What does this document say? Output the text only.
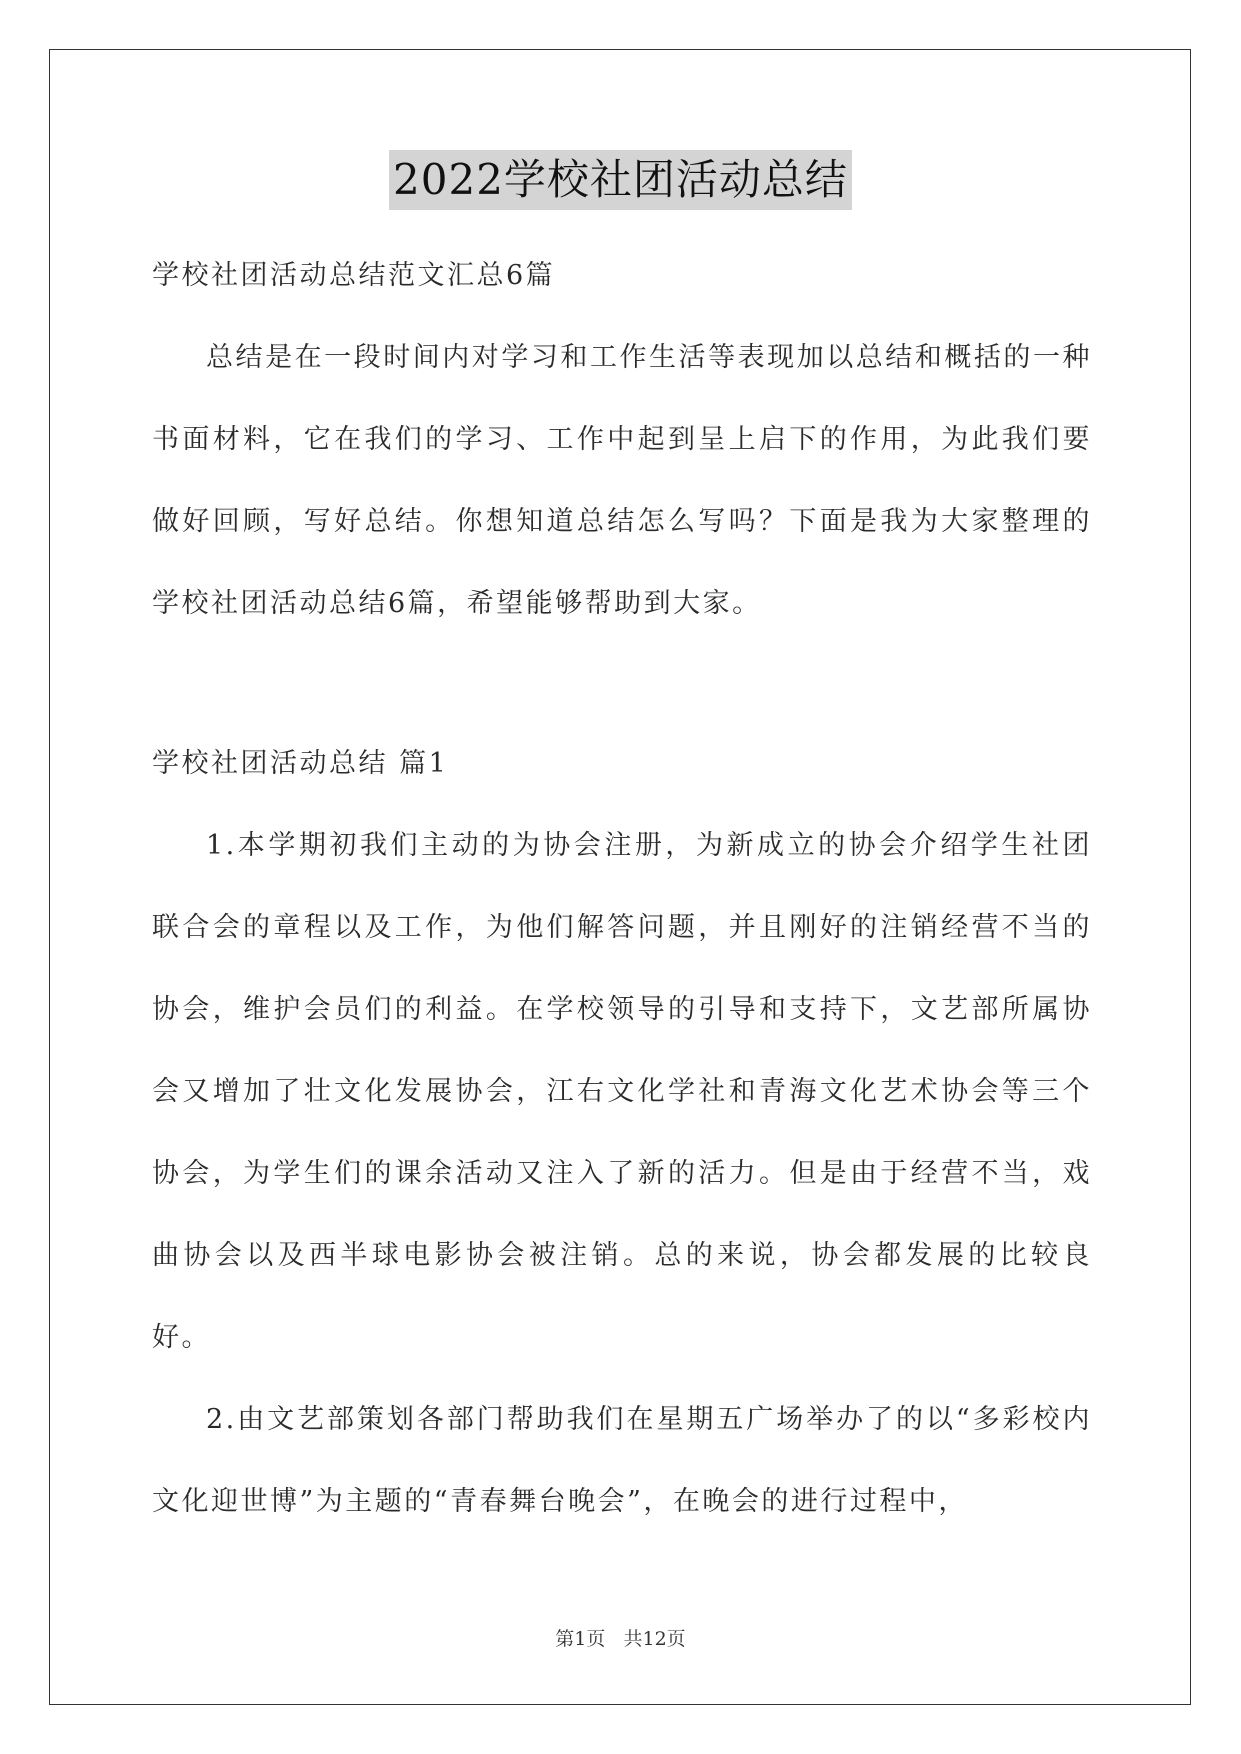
2022学校社团活动总结

学校社团活动总结范文汇总6篇

总结是在一段时间内对学习和工作生活等表现加以总结和概括的一种书面材料，它在我们的学习、工作中起到呈上启下的作用，为此我们要做好回顾，写好总结。你想知道总结怎么写吗？下面是我为大家整理的学校社团活动总结6篇，希望能够帮助到大家。

学校社团活动总结 篇1

1.本学期初我们主动的为协会注册，为新成立的协会介绍学生社团联合会的章程以及工作，为他们解答问题，并且刚好的注销经营不当的协会，维护会员们的利益。在学校领导的引导和支持下，文艺部所属协会又增加了壮文化发展协会，江右文化学社和青海文化艺术协会等三个协会，为学生们的课余活动又注入了新的活力。但是由于经营不当，戏曲协会以及西半球电影协会被注销。总的来说，协会都发展的比较良好。

2.由文艺部策划各部门帮助我们在星期五广场举办了的以“多彩校内文化迎世博”为主题的“青春舞台晚会”，在晚会的进行过程中，

第1页   共12页
